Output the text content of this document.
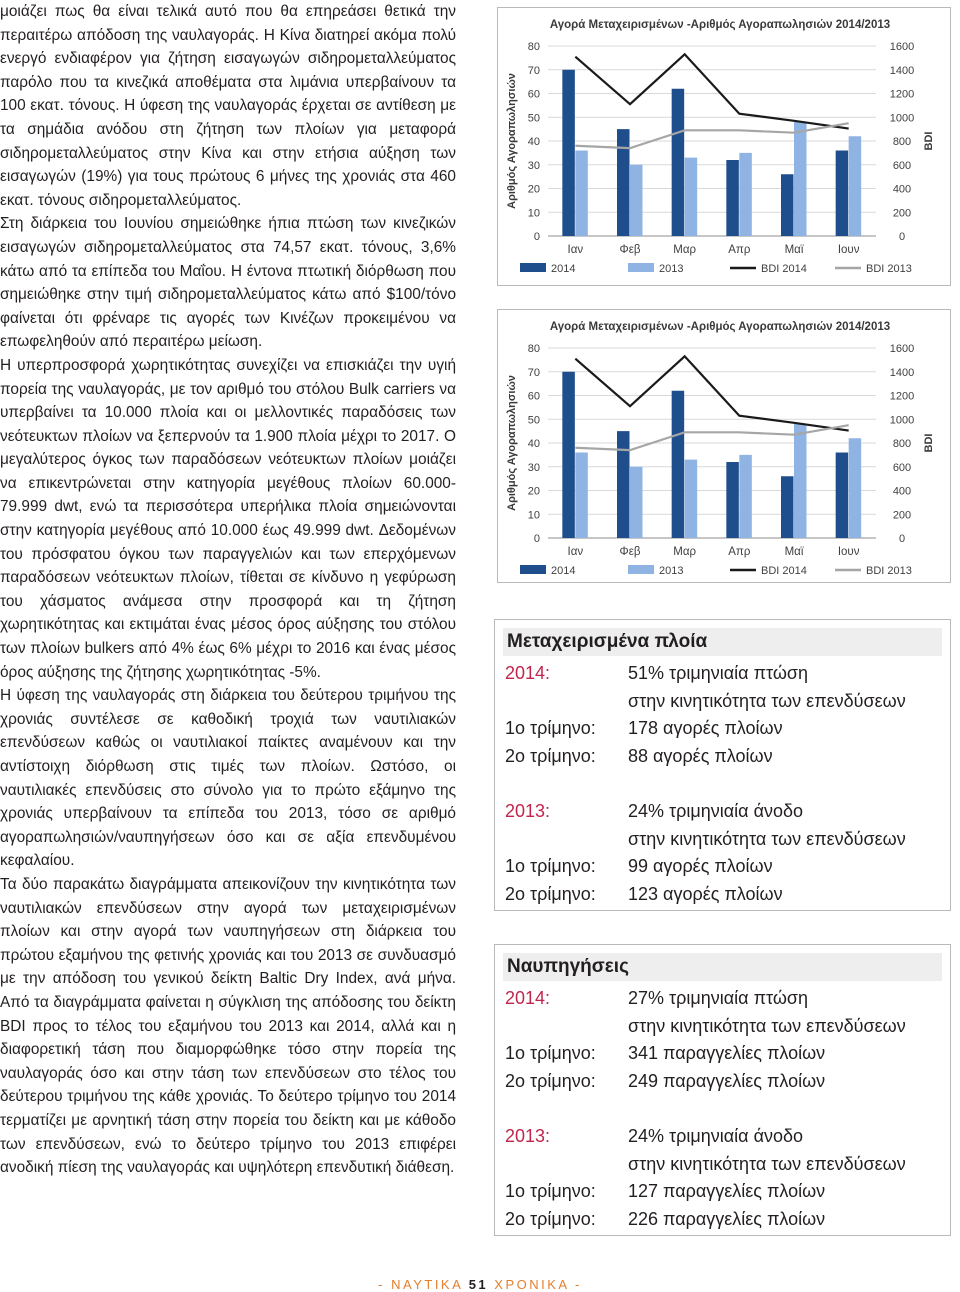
μοιάζει πως θα είναι τελικά αυτό που θα επηρεάσει θετικά την περαιτέρω απόδοση της ναυλαγοράς. Η Κίνα διατηρεί ακόμα πολύ ενεργό ενδιαφέρον για ζήτηση εισαγωγών σιδηρομεταλλεύματος παρόλο που τα κινεζικά αποθέματα στα λιμάνια υπερβαίνουν τα 100 εκατ. τόνους. Η ύφεση της ναυλαγοράς έρχεται σε αντίθεση με τα σημάδια ανόδου στη ζήτηση των πλοίων για μεταφορά σιδηρομεταλλεύματος στην Κίνα και στην ετήσια αύξηση των εισαγωγών (19%) για τους πρώτους 6 μήνες της χρονιάς στα 460 εκατ. τόνους σιδηρομεταλλεύματος.

Στη διάρκεια του Ιουνίου σημειώθηκε ήπια πτώση των κινεζικών εισαγωγών σιδηρομεταλλεύματος στα 74,57 εκατ. τόνους, 3,6% κάτω από τα επίπεδα του Μαΐου. Η έντονα πτωτική διόρθωση που σημειώθηκε στην τιμή σιδηρομεταλλεύματος κάτω από $100/τόνο φαίνεται ότι φρέναρε τις αγορές των Κινέζων προκειμένου να επωφεληθούν από περαιτέρω μείωση.

Η υπερπροσφορά χωρητικότητας συνεχίζει να επισκιάζει την υγιή πορεία της ναυλαγοράς, με τον αριθμό του στόλου Bulk carriers να υπερβαίνει τα 10.000 πλοία και οι μελλοντικές παραδόσεις των νεότευκτων πλοίων να ξεπερνούν τα 1.900 πλοία μέχρι το 2017. Ο μεγαλύτερος όγκος των παραδόσεων νεότευκτων πλοίων μοιάζει να επικεντρώνεται στην κατηγορία μεγέθους πλοίων 60.000-79.999 dwt, ενώ τα περισσότερα υπερήλικα πλοία σημειώνονται στην κατηγορία μεγέθους από 10.000 έως 49.999 dwt. Δεδομένων του πρόσφατου όγκου των παραγγελιών και των επερχόμενων παραδόσεων νεότευκτων πλοίων, τίθεται σε κίνδυνο η γεφύρωση του χάσματος ανάμεσα στην προσφορά και τη ζήτηση χωρητικότητας και εκτιμάται ένας μέσος όρος αύξησης του στόλου των πλοίων bulkers από 4% έως 6% μέχρι το 2016 και ένας μέσος όρος αύξησης της ζήτησης χωρητικότητας -5%.

Η ύφεση της ναυλαγοράς στη διάρκεια του δεύτερου τριμήνου της χρονιάς συντέλεσε σε καθοδική τροχιά των ναυτιλιακών επενδύσεων καθώς οι ναυτιλιακοί παίκτες αναμένουν και την αντίστοιχη διόρθωση στις τιμές των πλοίων. Ωστόσο, οι ναυτιλιακές επενδύσεις στο σύνολο για το πρώτο εξάμηνο της χρονιάς υπερβαίνουν τα επίπεδα του 2013, τόσο σε αριθμό αγοραπωλησιών/ναυπηγήσεων όσο και σε αξία επενδυμένου κεφαλαίου.

Τα δύο παρακάτω διαγράμματα απεικονίζουν την κινητικότητα των ναυτιλιακών επενδύσεων στην αγορά των μεταχειρισμένων πλοίων και στην αγορά των ναυπηγήσεων στη διάρκεια του πρώτου εξαμήνου της φετινής χρονιάς και του 2013 σε συνδυασμό με την απόδοση του γενικού δείκτη Baltic Dry Index, ανά μήνα. Από τα διαγράμματα φαίνεται η σύγκλιση της απόδοσης του δείκτη BDI προς το τέλος του εξαμήνου του 2013 και 2014, αλλά και η διαφορετική τάση που διαμορφώθηκε τόσο στην πορεία της ναυλαγοράς όσο και στην τάση των επενδύσεων στο τέλος του δεύτερου τριμήνου της κάθε χρονιάς. Το δεύτερο τρίμηνο του 2014 τερματίζει με αρνητική τάση στην πορεία του δείκτη και με κάθοδο των επενδύσεων, ενώ το δεύτερο τρίμηνο του 2013 επιφέρει ανοδική πίεση της ναυλαγοράς και υψηλότερη επενδυτική διάθεση.

Αγορά Μεταχειρισμένων -Αριθμός Αγοραπωλησιών 2014/2013
0
10
20
30
40
50
60
70
80
0
200
400
600
800
1000
1200
1400
1600
Αριθμός Αγοραπωλησιών	BDI
Ιαν	Φεβ	Μαρ	Απρ	Μαϊ	Ιουν
2014	2013	BDI 2014	BDI 2013
Αγορά Μεταχειρισμένων -Αριθμός Αγοραπωλησιών 2014/2013
0
10
20
30
40
50
60
70
80
0
200
400
600
800
1000
1200
1400
1600
Αριθμός Αγοραπωλησιών	BDI
Ιαν	Φεβ	Μαρ	Απρ	Μαϊ	Ιουν
2014	2013	BDI 2014	BDI 2013
Μεταχειρισμένα πλοία
2014:	51% τριμηνιαία πτώση
στην κινητικότητα των επενδύσεων
1ο τρίμηνο:	178 αγορές πλοίων
2ο τρίμηνο:	88 αγορές πλοίων
2013:	24% τριμηνιαία άνοδο
στην κινητικότητα των επενδύσεων
1ο τρίμηνο:	99 αγορές πλοίων
2ο τρίμηνο:	123 αγορές πλοίων
Ναυπηγήσεις
2014:	27% τριμηνιαία πτώση
στην κινητικότητα των επενδύσεων
1ο τρίμηνο:	341 παραγγελίες πλοίων
2ο τρίμηνο:	249 παραγγελίες πλοίων
2013:	24% τριμηνιαία άνοδο
στην κινητικότητα των επενδύσεων
1ο τρίμηνο:	127 παραγγελίες πλοίων
2ο τρίμηνο:	226 παραγγελίες πλοίων
- ΝΑΥΤΙΚΑ 51 ΧΡΟΝΙΚΑ -
